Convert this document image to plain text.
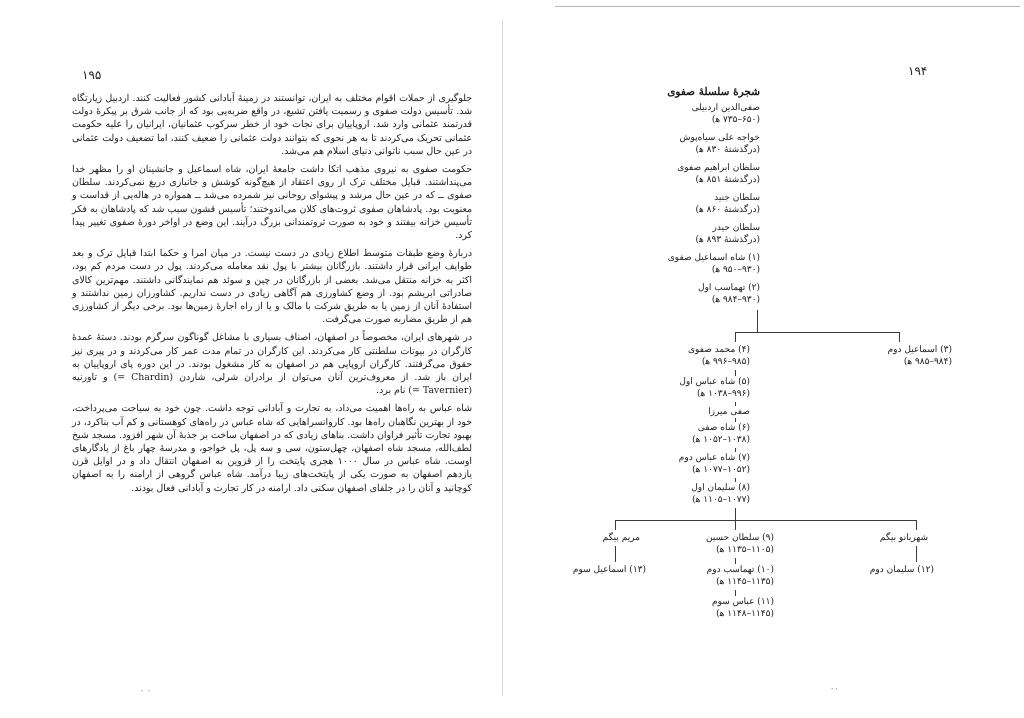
۱۹۵	۱۹۴

جلوگیری از حملات اقوام مختلف به ایران، توانستند در زمینهٔ آبادانی کشور فعالیت کنند. اردبیل زیارتگاه شد. تأسیس دولت صفوی و رسمیت یافتن تشیع، در واقع ضربه‌یی بود که از جانب شرق بر پیکرهٔ دولت قدرتمند عثمانی وارد شد. اروپاییان برای نجات خود از خطر سرکوب عثمانیان، ایرانیان را علیه حکومت عثمانی تحریک می‌کردند تا به هر نحوی که بتوانند دولت عثمانی را ضعیف کنند، اما تضعیف دولت عثمانی در عین حال سبب ناتوانی دنیای اسلام هم می‌شد.

حکومت صفوی به نیروی مذهب اتکا داشت جامعهٔ ایران، شاه اسماعیل و جانشینان او را مظهر خدا می‌پنداشتند. قبایل مختلف ترک از روی اعتقاد از هیچ‌گونه کوشش و جانبازی دریغ نمی‌کردند. سلطان صفوی ــ که در عین حال مرشد و پیشوای روحانی نیز شمرده می‌شد ــ همواره در هاله‌یی از قداست و معنویت بود. پادشاهان صفوی ثروت‌های کلان می‌اندوختند؛ تأسیس قشون سبب شد که پادشاهان به فکر تأسیس خزانه بیفتند و خود به صورت ثروتمندانی بزرگ درآیند. این وضع در اواخر دورهٔ صفوی تغییر پیدا کرد.

دربارهٔ وضع طبقات متوسط اطلاع زیادی در دست نیست. در میان امرا و حکما ابتدا قبایل ترک و بعد طوایف ایرانی قرار داشتند. بازرگانان بیشتر با پول نقد معامله می‌کردند. پول در دست مردم کم بود، اکثر به خزانه منتقل می‌شد. بعضی از بازرگانان در چین و سوئد هم نمایندگانی داشتند. مهم‌ترین کالای صادراتی ابریشم بود. از وضع کشاورزی هم آگاهی زیادی در دست نداریم. کشاورزان زمین نداشتند و استفادهٔ آنان از زمین یا به طریق شرکت با مالک و یا از راه اجارهٔ زمین‌ها بود. برخی دیگر از کشاورزی هم از طریق مضاربه صورت می‌گرفت.

در شهرهای ایران، مخصوصاً در اصفهان، اصناف بسیاری با مشاغل گوناگون سرگرم بودند. دستهٔ عمدهٔ کارگران در بیوتات سلطنتی کار می‌کردند. این کارگران در تمام مدت عمر کار می‌کردند و در پیری نیز حقوق می‌گرفتند. کارگران اروپایی هم در اصفهان به کار مشغول بودند. در این دوره پای اروپاییان به ایران باز شد. از معروف‌ترین آنان می‌توان از برادران شرلی، شاردن (Chardin =) و تاورنیه (Tavernier =) نام برد.

شاه عباس به راه‌ها اهمیت می‌داد، به تجارت و آبادانی توجه داشت. چون خود به سیاحت می‌پرداخت، خود از بهترین نگاهبان راه‌ها بود. کاروانسراهایی که شاه عباس در راه‌های کوهستانی و کم آب بناکرد، در بهبود تجارت تأثیر فراوان داشت. بناهای زیادی که در اصفهان ساخت بر جذبهٔ آن شهر افزود. مسجد شیخ لطف‌الله، مسجد شاه اصفهان، چهل‌ستون، سی و سه پل، پل خواجو، و مدرسهٔ چهار باغ از یادگارهای اوست. شاه عباس در سال ۱۰۰۰ هجری پایتخت را از قزوین به اصفهان انتقال داد و در اوایل قرن یازدهم اصفهان به صورت یکی از پایتخت‌های زیبا درآمد. شاه عباس گروهی از ارامنه را به اصفهان کوچانید و آنان را در جلفای اصفهان سکنی داد. ارامنه در کار تجارت و آبادانی فعال بودند.

شجرهٔ سلسلهٔ صفوی
صفی‌الدین اردبیلی
(۶۵۰–۷۳۵ ه‍)
خواجه علی سیاه‌پوش
(درگذشتهٔ ۸۳۰ ه‍)
سلطان ابراهیم صفوی
(درگذشتهٔ ۸۵۱ ه‍)
سلطان جنید
(درگذشتهٔ ۸۶۰ ه‍)
سلطان حیدر
(درگذشتهٔ ۸۹۳ ه‍)
(۱) شاه اسماعیل صفوی
(۹۳۰–۹۵۰ ه‍)
(۲) تهماسب اول
(۹۳۰–۹۸۴ ه‍)
(۳) اسماعیل دوم
(۹۸۴–۹۸۵ ه‍)
(۴) محمد صفوی
(۹۸۵–۹۹۶ ه‍)
(۵) شاه عباس اول
(۹۹۶–۱۰۳۸ ه‍)
صفی میرزا
(۶) شاه صفی
(۱۰۳۸–۱۰۵۲ ه‍)
(۷) شاه عباس دوم
(۱۰۵۲–۱۰۷۷ ه‍)
(۸) سلیمان اول
(۱۰۷۷–۱۱۰۵ ه‍)
شهربانو بیگم
(۱۲) سلیمان دوم
(۹) سلطان حسین
(۱۱۰۵–۱۱۳۵ ه‍)
(۱۰) تهماسب دوم
(۱۱۳۵–۱۱۴۵ ه‍)
(۱۱) عباس سوم
(۱۱۴۵–۱۱۴۸ ه‍)
مریم بیگم
(۱۳) اسماعیل سوم
۰ ۰	۰۰
